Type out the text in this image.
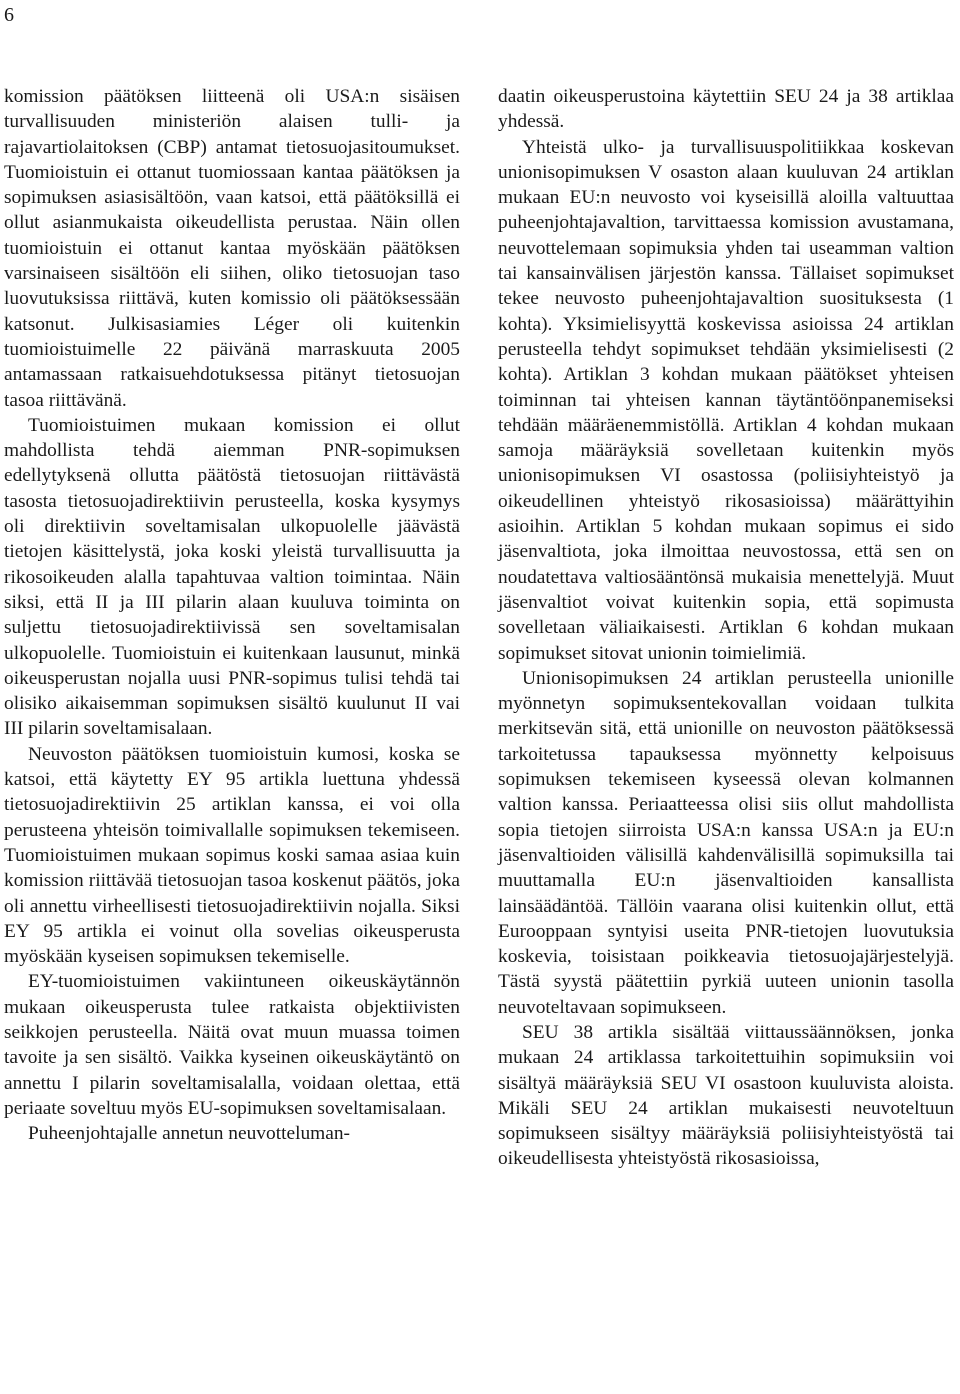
6

komission päätöksen liitteenä oli USA:n sisäisen turvallisuuden ministeriön alaisen tulli- ja rajavartiolaitoksen (CBP) antamat tietosuojasitoumukset. Tuomioistuin ei ottanut tuomiossaan kantaa päätöksen ja sopimuksen asiasisältöön, vaan katsoi, että päätöksillä ei ollut asianmukaista oikeudellista perustaa. Näin ollen tuomioistuin ei ottanut kantaa myöskään päätöksen varsinaiseen sisältöön eli siihen, oliko tietosuojan taso luovutuksissa riittävä, kuten komissio oli päätöksessään katsonut. Julkisasiamies Léger oli kuitenkin tuomioistuimelle 22 päivänä marraskuuta 2005 antamassaan ratkaisuehdotuksessa pitänyt tietosuojan tasoa riittävänä.

Tuomioistuimen mukaan komission ei ollut mahdollista tehdä aiemman PNR-sopimuksen edellytyksenä ollutta päätöstä tietosuojan riittävästä tasosta tietosuojadirektiivin perusteella, koska kysymys oli direktiivin soveltamisalan ulkopuolelle jäävästä tietojen käsittelystä, joka koski yleistä turvallisuutta ja rikosoikeuden alalla tapahtuvaa valtion toimintaa. Näin siksi, että II ja III pilarin alaan kuuluva toiminta on suljettu tietosuojadirektiivissä sen soveltamisalan ulkopuolelle. Tuomioistuin ei kuitenkaan lausunut, minkä oikeusperustan nojalla uusi PNR-sopimus tulisi tehdä tai olisiko aikaisemman sopimuksen sisältö kuulunut II vai III pilarin soveltamisalaan.

Neuvoston päätöksen tuomioistuin kumosi, koska se katsoi, että käytetty EY 95 artikla luettuna yhdessä tietosuojadirektiivin 25 artiklan kanssa, ei voi olla perusteena yhteisön toimivallalle sopimuksen tekemiseen. Tuomioistuimen mukaan sopimus koski samaa asiaa kuin komission riittävää tietosuojan tasoa koskenut päätös, joka oli annettu virheellisesti tietosuojadirektiivin nojalla. Siksi EY 95 artikla ei voinut olla sovelias oikeusperusta myöskään kyseisen sopimuksen tekemiselle.

EY-tuomioistuimen vakiintuneen oikeuskäytännön mukaan oikeusperusta tulee ratkaista objektiivisten seikkojen perusteella. Näitä ovat muun muassa toimen tavoite ja sen sisältö. Vaikka kyseinen oikeuskäytäntö on annettu I pilarin soveltamisalalla, voidaan olettaa, että periaate soveltuu myös EU-sopimuksen soveltamisalaan.

Puheenjohtajalle annetun neuvotteluman-

daatin oikeusperustoina käytettiin SEU 24 ja 38 artiklaa yhdessä.

Yhteistä ulko- ja turvallisuuspolitiikkaa koskevan unionisopimuksen V osaston alaan kuuluvan 24 artiklan mukaan EU:n neuvosto voi kyseisillä aloilla valtuuttaa puheenjohtajavaltion, tarvittaessa komission avustamana, neuvottelemaan sopimuksia yhden tai useamman valtion tai kansainvälisen järjestön kanssa. Tällaiset sopimukset tekee neuvosto puheenjohtajavaltion suosituksesta (1 kohta). Yksimielisyyttä koskevissa asioissa 24 artiklan perusteella tehdyt sopimukset tehdään yksimielisesti (2 kohta). Artiklan 3 kohdan mukaan päätökset yhteisen toiminnan tai yhteisen kannan täytäntöönpanemiseksi tehdään määräenemmistöllä. Artiklan 4 kohdan mukaan samoja määräyksiä sovelletaan kuitenkin myös unionisopimuksen VI osastossa (poliisiyhteistyö ja oikeudellinen yhteistyö rikosasioissa) määrättyihin asioihin. Artiklan 5 kohdan mukaan sopimus ei sido jäsenvaltiota, joka ilmoittaa neuvostossa, että sen on noudatettava valtiosääntönsä mukaisia menettelyjä. Muut jäsenvaltiot voivat kuitenkin sopia, että sopimusta sovelletaan väliaikaisesti. Artiklan 6 kohdan mukaan sopimukset sitovat unionin toimielimiä.

Unionisopimuksen 24 artiklan perusteella unionille myönnetyn sopimuksentekovallan voidaan tulkita merkitsevän sitä, että unionille on neuvoston päätöksessä tarkoitetussa tapauksessa myönnetty kelpoisuus sopimuksen tekemiseen kyseessä olevan kolmannen valtion kanssa. Periaatteessa olisi siis ollut mahdollista sopia tietojen siirroista USA:n kanssa USA:n ja EU:n jäsenvaltioiden välisillä kahdenvälisillä sopimuksilla tai muuttamalla EU:n jäsenvaltioiden kansallista lainsäädäntöä. Tällöin vaarana olisi kuitenkin ollut, että Eurooppaan syntyisi useita PNR-tietojen luovutuksia koskevia, toisistaan poikkeavia tietosuojajärjestelyjä. Tästä syystä päätettiin pyrkiä uuteen unionin tasolla neuvoteltavaan sopimukseen.

SEU 38 artikla sisältää viittaussäännöksen, jonka mukaan 24 artiklassa tarkoitettuihin sopimuksiin voi sisältyä määräyksiä SEU VI osastoon kuuluvista aloista. Mikäli SEU 24 artiklan mukaisesti neuvoteltuun sopimukseen sisältyy määräyksiä poliisiyhteistyöstä tai oikeudellisesta yhteistyöstä rikosasioissa,
